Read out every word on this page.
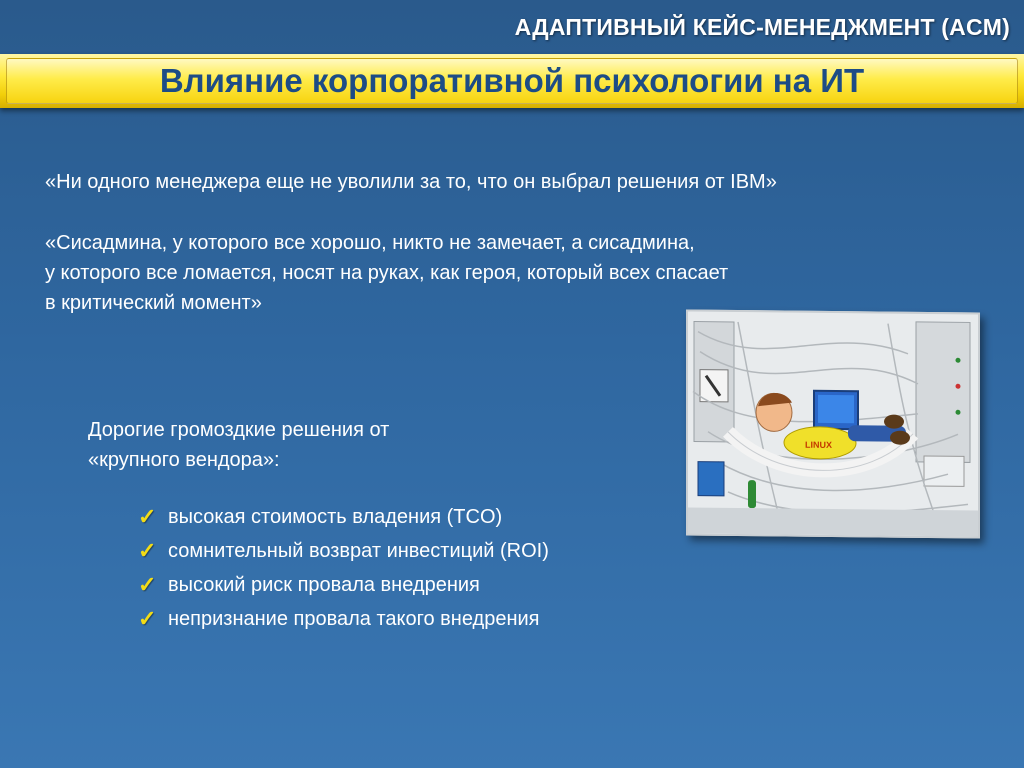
АДАПТИВНЫЙ КЕЙС-МЕНЕДЖМЕНТ (ACM)
Влияние корпоративной психологии на ИТ
«Ни одного менеджера еще не уволили за то, что он выбрал решения от IBM»
«Сисадмина, у которого все хорошо, никто не замечает, а сисадмина,
у которого все ломается, носят на руках, как героя, который всех спасает
в критический момент»
Дорогие громоздкие решения от
«крупного вендора»:
✓ высокая стоимость владения (TCO)
✓ сомнительный возврат инвестиций (ROI)
✓ высокий риск провала внедрения
✓ непризнание провала такого внедрения
LINUX
